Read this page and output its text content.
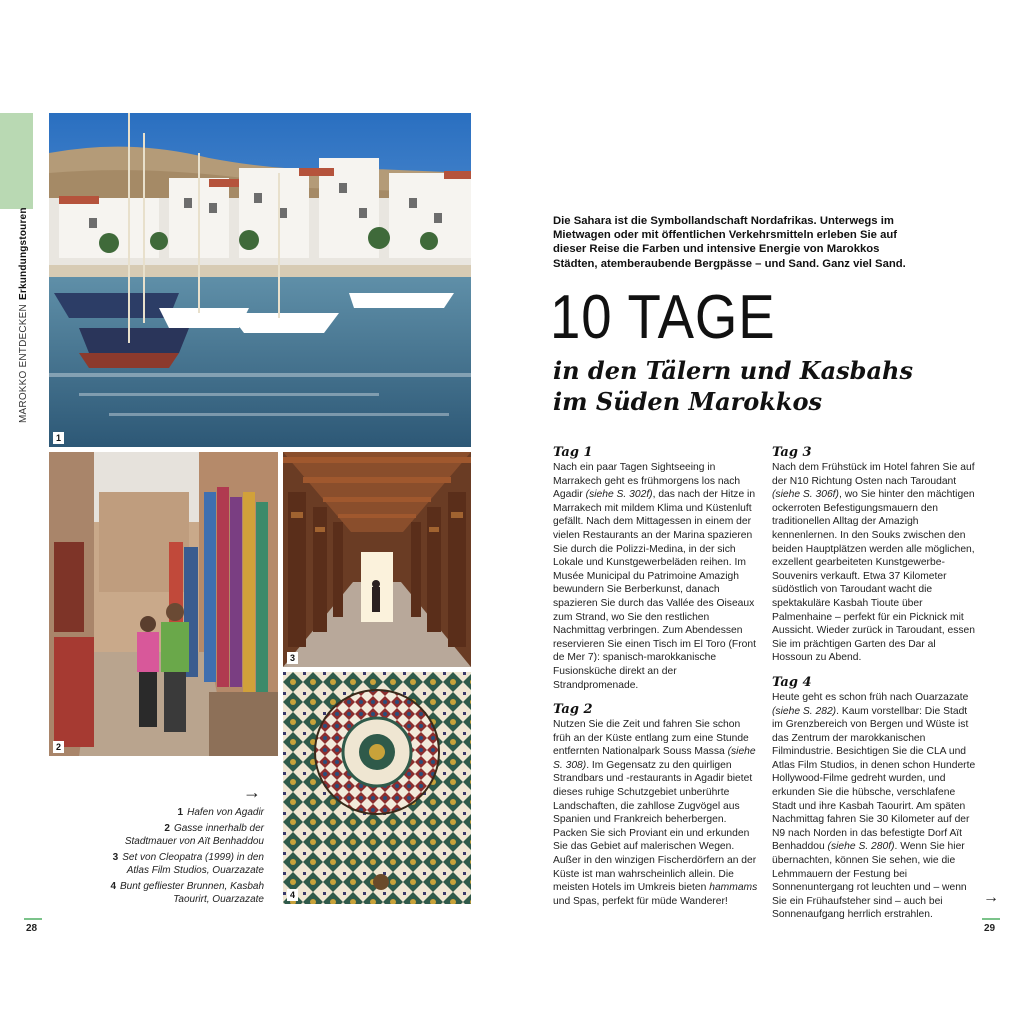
MAROKKO ENTDECKENErkundungstouren
1
2
3
4
→
1 Hafen von Agadir
2 Gasse innerhalb der Stadtmauer von Aït Benhaddou
3 Set von Cleopatra (1999) in den Atlas Film Studios, Ouarzazate
4 Bunt gefliester Brunnen, Kasbah Taourirt, Ouarzazate
28	29
→
Die Sahara ist die Symbollandschaft Nordafrikas. Unterwegs im Mietwagen oder mit öffentlichen Verkehrsmitteln erleben Sie auf dieser Reise die Farben und intensive Energie von Marokkos Städten, atemberaubende Bergpässe – und Sand. Ganz viel Sand.
10 TAGE
in den Tälern und Kasbahs
im Süden Marokkos
Tag 1

Nach ein paar Tagen Sightseeing in Marrakech geht es frühmorgens los nach Agadir (siehe S. 302f), das nach der Hitze in Marrakech mit mildem Klima und Küstenluft gefällt. Nach dem Mittagessen in einem der vielen Restaurants an der Marina spazieren Sie durch die Polizzi-Medina, in der sich Lokale und Kunstgewerbeläden reihen. Im Musée Municipal du Patrimoine Amazigh bewundern Sie Berberkunst, danach spazieren Sie durch das Vallée des Oiseaux zum Strand, wo Sie den restlichen Nachmittag verbringen. Zum Abendessen reservieren Sie einen Tisch im El Toro (Front de Mer 7): spanisch-marokkanische Fusionsküche direkt an der Strandpromenade.

Tag 2

Nutzen Sie die Zeit und fahren Sie schon früh an der Küste entlang zum eine Stunde entfernten Nationalpark Souss Massa (siehe S. 308). Im Gegensatz zu den quirligen Strandbars und -restaurants in Agadir bietet dieses ruhige Schutzgebiet unberührte Landschaften, die zahllose Zugvögel aus Spanien und Frankreich beherbergen. Packen Sie sich Proviant ein und erkunden Sie das Gebiet auf malerischen Wegen. Außer in den winzigen Fischerdörfern an der Küste ist man wahrscheinlich allein. Die meisten Hotels im Umkreis bieten hammams und Spas, perfekt für müde Wanderer!

Tag 3

Nach dem Frühstück im Hotel fahren Sie auf der N10 Richtung Osten nach Taroudant (siehe S. 306f), wo Sie hinter den mächtigen ockerroten Befestigungsmauern den traditionellen Alltag der Amazigh kennenlernen. In den Souks zwischen den beiden Hauptplätzen werden alle möglichen, exzellent gearbeiteten Kunstgewerbe-Souvenirs verkauft. Etwa 37 Kilometer südöstlich von Taroudant wacht die spektakuläre Kasbah Tioute über Palmenhaine – perfekt für ein Picknick mit Aussicht. Wieder zurück in Taroudant, essen Sie im prächtigen Garten des Dar al Hossoun zu Abend.

Tag 4

Heute geht es schon früh nach Ouarzazate (siehe S. 282). Kaum vorstellbar: Die Stadt im Grenzbereich von Bergen und Wüste ist das Zentrum der marokkanischen Filmindustrie. Besichtigen Sie die CLA und Atlas Film Studios, in denen schon Hunderte Hollywood-Filme gedreht wurden, und erkunden Sie die hübsche, verschlafene Stadt und ihre Kasbah Taourirt. Am späten Nachmittag fahren Sie 30 Kilometer auf der N9 nach Norden in das befestigte Dorf Aït Benhaddou (siehe S. 280f). Wenn Sie hier übernachten, können Sie sehen, wie die Lehmmauern der Festung bei Sonnenuntergang rot leuchten und – wenn Sie ein Frühaufsteher sind – auch bei Sonnenaufgang herrlich erstrahlen.
